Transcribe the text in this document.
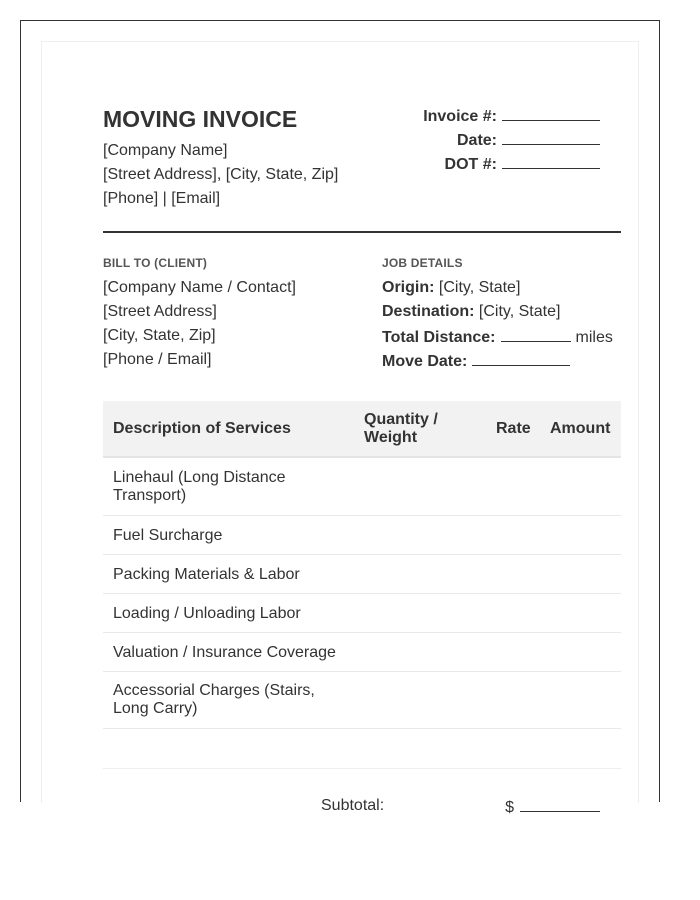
MOVING INVOICE
[Company Name]
[Street Address], [City, State, Zip]
[Phone] | [Email]
Invoice #:
Date:
DOT #:
BILL TO (CLIENT)
[Company Name / Contact]
[Street Address]
[City, State, Zip]
[Phone / Email]
JOB DETAILS
Origin: [City, State]
Destination: [City, State]
Total Distance:	miles
Move Date:
Description of Services
Quantity / Weight
Rate Amount
Linehaul (Long Distance Transport)
Fuel Surcharge
Packing Materials & Labor
Loading / Unloading Labor
Valuation / Insurance Coverage
Accessorial Charges (Stairs, Long Carry)
Subtotal:	$
